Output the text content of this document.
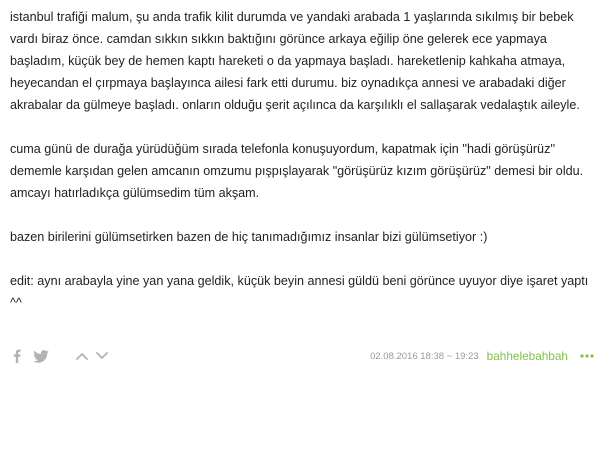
istanbul trafiği malum, şu anda trafik kilit durumda ve yandaki arabada 1 yaşlarında sıkılmış bir bebek vardı biraz önce. camdan sıkkın sıkkın baktığını görünce arkaya eğilip öne gelerek ece yapmaya başladım, küçük bey de hemen kaptı hareketi o da yapmaya başladı. hareketlenip kahkaha atmaya, heyecandan el çırpmaya başlayınca ailesi fark etti durumu. biz oynadıkça annesi ve arabadaki diğer akrabalar da gülmeye başladı. onların olduğu şerit açılınca da karşılıklı el sallaşarak vedalaştık aileyle.

cuma günü de durağa yürüdüğüm sırada telefonla konuşuyordum, kapatmak için ''hadi görüşürüz'' dememle karşıdan gelen amcanın omzumu pışpışlayarak "görüşürüz kızım görüşürüz" demesi bir oldu. amcayı hatırladıkça gülümsedim tüm akşam.

bazen birilerini gülümsetirken bazen de hiç tanımadığımız insanlar bizi gülümsetiyor :)

edit: aynı arabayla yine yan yana geldik, küçük beyin annesi güldü beni görünce uyuyor diye işaret yaptı ^^

02.08.2016 18:38 ~ 19:23 bahhelebahbah
